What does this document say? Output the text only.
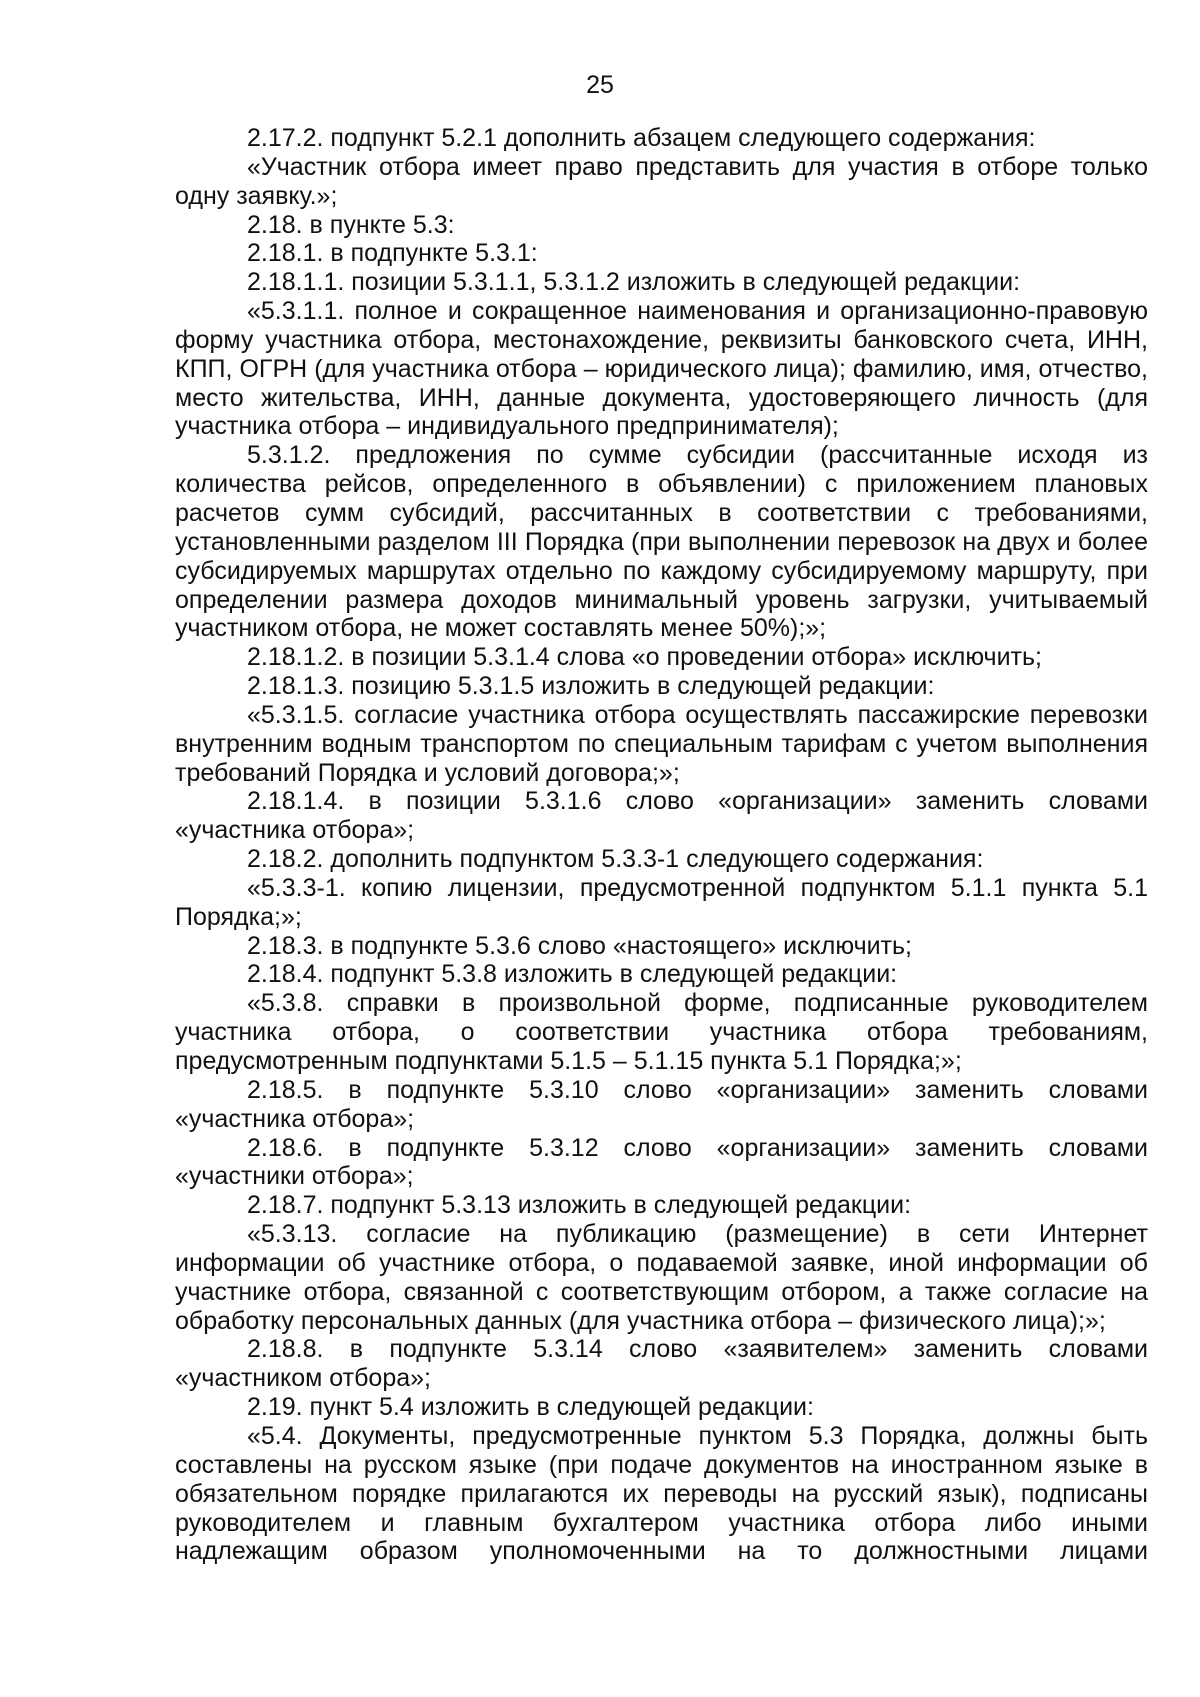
25

2.17.2. подпункт 5.2.1 дополнить абзацем следующего содержания:

«Участник отбора имеет право представить для участия в отборе только одну заявку.»;

2.18. в пункте 5.3:

2.18.1. в подпункте 5.3.1:

2.18.1.1. позиции 5.3.1.1, 5.3.1.2 изложить в следующей редакции:

«5.3.1.1. полное и сокращенное наименования и организационно-правовую форму участника отбора, местонахождение, реквизиты банковского счета, ИНН, КПП, ОГРН (для участника отбора – юридического лица); фамилию, имя, отчество, место жительства, ИНН, данные документа, удостоверяющего личность (для участника отбора – индивидуального предпринимателя);

5.3.1.2. предложения по сумме субсидии (рассчитанные исходя из количества рейсов, определенного в объявлении) с приложением плановых расчетов сумм субсидий, рассчитанных в соответствии с требованиями, установленными разделом III Порядка (при выполнении перевозок на двух и более субсидируемых маршрутах отдельно по каждому субсидируемому маршруту, при определении размера доходов минимальный уровень загрузки, учитываемый участником отбора, не может составлять менее 50%);»;

2.18.1.2. в позиции 5.3.1.4 слова «о проведении отбора» исключить;

2.18.1.3. позицию 5.3.1.5 изложить в следующей редакции:

«5.3.1.5. согласие участника отбора осуществлять пассажирские перевозки внутренним водным транспортом по специальным тарифам с учетом выполнения требований Порядка и условий договора;»;

2.18.1.4. в позиции 5.3.1.6 слово «организации» заменить словами «участника отбора»;

2.18.2. дополнить подпунктом 5.3.3-1 следующего содержания:

«5.3.3-1. копию лицензии, предусмотренной подпунктом 5.1.1 пункта 5.1 Порядка;»;

2.18.3. в подпункте 5.3.6 слово «настоящего» исключить;

2.18.4. подпункт 5.3.8 изложить в следующей редакции:

«5.3.8. справки в произвольной форме, подписанные руководителем участника отбора, о соответствии участника отбора требованиям, предусмотренным подпунктами 5.1.5 – 5.1.15 пункта 5.1 Порядка;»;

2.18.5. в подпункте 5.3.10 слово «организации» заменить словами «участника отбора»;

2.18.6. в подпункте 5.3.12 слово «организации» заменить словами «участники отбора»;

2.18.7. подпункт 5.3.13 изложить в следующей редакции:

«5.3.13. согласие на публикацию (размещение) в сети Интернет информации об участнике отбора, о подаваемой заявке, иной информации об участнике отбора, связанной с соответствующим отбором, а также согласие на обработку персональных данных (для участника отбора – физического лица);»;

2.18.8. в подпункте 5.3.14 слово «заявителем» заменить словами «участником отбора»;

2.19. пункт 5.4 изложить в следующей редакции:

«5.4. Документы, предусмотренные пунктом 5.3 Порядка, должны быть составлены на русском языке (при подаче документов на иностранном языке в обязательном порядке прилагаются их переводы на русский язык), подписаны руководителем и главным бухгалтером участника отбора либо иными надлежащим образом уполномоченными на то должностными лицами
